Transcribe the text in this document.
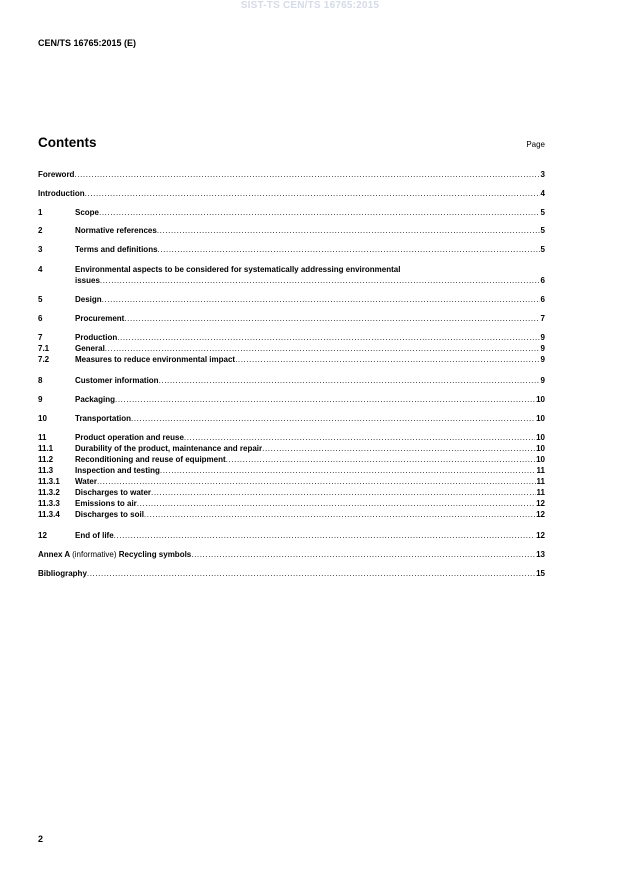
SIST-TS CEN/TS 16765:2015
CEN/TS 16765:2015 (E)
Contents	Page
Foreword .....	3
Introduction .....	4
1	Scope .....	5
2	Normative references .....	5
3	Terms and definitions .....	5
4	Environmental aspects to be considered for systematically addressing environmental
issues .....	6
5	Design .....	6
6	Procurement .....	7
7	Production .....	9
7.1	General .....	9
7.2	Measures to reduce environmental impact .....	9
8	Customer information .....	9
9	Packaging .....	10
10	Transportation .....	10
11	Product operation and reuse .....	10
11.1	Durability of the product, maintenance and repair .....	10
11.2	Reconditioning and reuse of equipment .....	10
11.3	Inspection and testing .....	11
11.3.1	Water .....	11
11.3.2	Discharges to water .....	11
11.3.3	Emissions to air .....	12
11.3.4	Discharges to soil .....	12
12	End of life .....	12
Annex A (informative) Recycling symbols .....	13
Bibliography .....	15
2
